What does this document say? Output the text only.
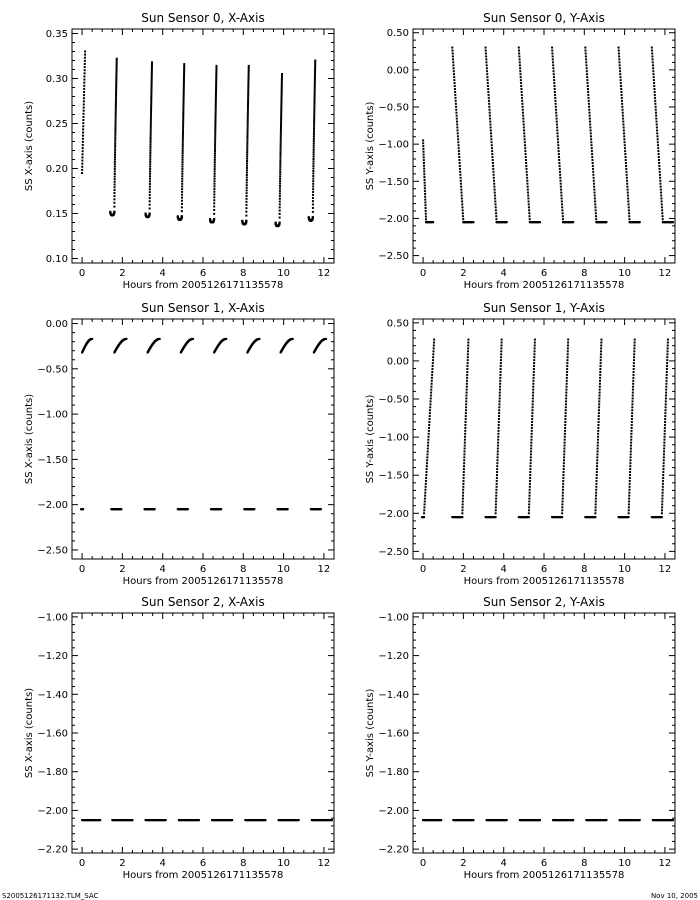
Sun Sensor 0, X-Axis
0	2	4	6	8	10	12
0.10
0.15
0.20
0.25
0.30
0.35
Hours from 2005126171135578
SS X-axis (counts)
Sun Sensor 0, Y-Axis
0	2	4	6	8	10	12
−2.50
−2.00
−1.50
−1.00
−0.50
0.00
0.50
Hours from 2005126171135578
SS Y-axis (counts)
Sun Sensor 1, X-Axis
0	2	4	6	8	10	12
−2.50
−2.00
−1.50
−1.00
−0.50
0.00
Hours from 2005126171135578
SS X-axis (counts)
Sun Sensor 1, Y-Axis
0	2	4	6	8	10	12
−2.50
−2.00
−1.50
−1.00
−0.50
0.00
0.50
Hours from 2005126171135578
SS Y-axis (counts)
Sun Sensor 2, X-Axis
0	2	4	6	8	10	12
−2.20
−2.00
−1.80
−1.60
−1.40
−1.20
−1.00
Hours from 2005126171135578
SS X-axis (counts)
Sun Sensor 2, Y-Axis
0	2	4	6	8	10	12
−2.20
−2.00
−1.80
−1.60
−1.40
−1.20
−1.00
Hours from 2005126171135578
SS Y-axis (counts)
S2005126171132.TLM_SAC	Nov 10, 2005
